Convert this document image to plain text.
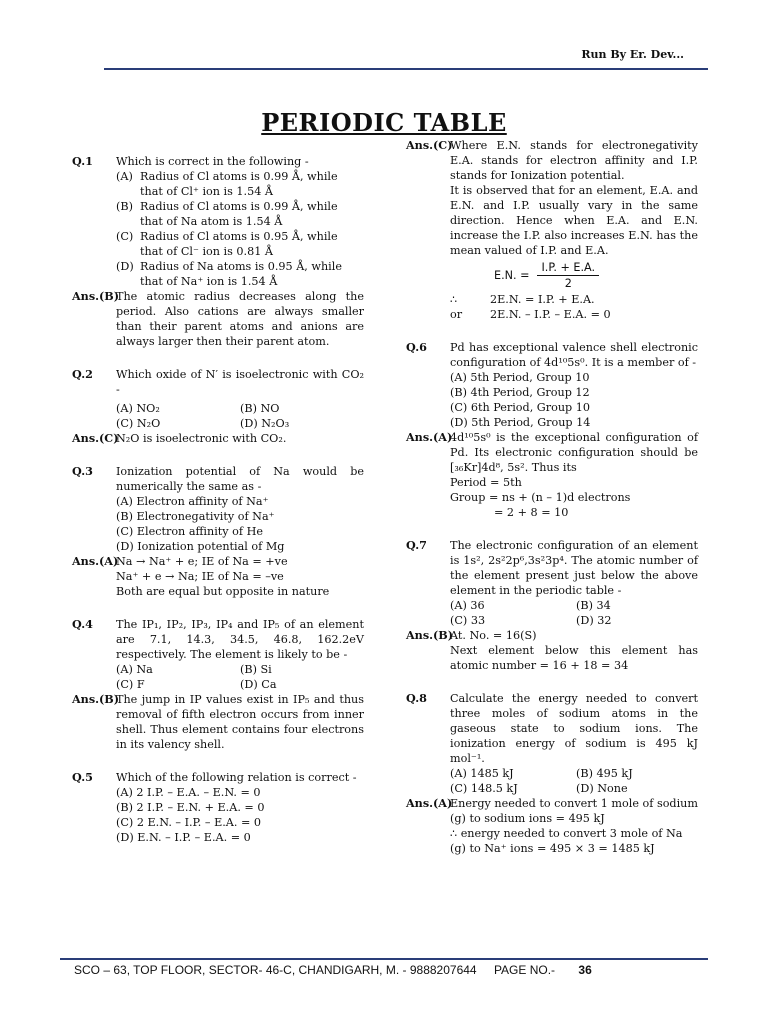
Run By Er. Dev...
PERIODIC TABLE
Q.1 Which is correct in the following -
(A) Radius of Cl atoms is 0.99 Å, while that of Cl⁺ ion is 1.54 Å
(B) Radius of Cl atoms is 0.99 Å, while that of Na atom is 1.54 Å
(C) Radius of Cl atoms is 0.95 Å, while that of Cl⁻ ion is 0.81 Å
(D) Radius of Na atoms is 0.95 Å, while that of Na⁺ ion is 1.54 Å
Ans.(B)
The atomic radius decreases along the period. Also cations are always smaller than their parent atoms and anions are always larger then their parent atom.
Q.2 Which oxide of N′ is isoelectronic with CO₂ -
(A) NO₂	(B) NO
(C) N₂O	(D) N₂O₃
Ans.(C)
N₂O is isoelectronic with CO₂.
Q.3 Ionization potential of Na would be numerically the same as -
(A) Electron affinity of Na⁺
(B) Electronegativity of Na⁺
(C) Electron affinity of He
(D) Ionization potential of Mg
Ans.(A)
Na → Na⁺ + e; IE of Na = +ve
Na⁺ + e → Na; IE of Na = –ve
Both are equal but opposite in nature
Q.4 The IP₁, IP₂, IP₃, IP₄ and IP₅ of an element are 7.1, 14.3, 34.5, 46.8, 162.2eV respectively. The element is likely to be -
(A) Na	(B) Si
(C) F	(D) Ca
Ans.(B)
The jump in IP values exist in IP₅ and thus removal of fifth electron occurs from inner shell. Thus element contains four electrons in its valency shell.
Q.5 Which of the following relation is correct -
(A) 2 I.P. – E.A. – E.N. = 0
(B) 2 I.P. – E.N. + E.A. = 0
(C) 2 E.N. – I.P. – E.A. = 0
(D) E.N. – I.P. – E.A. = 0
Ans.(C)
Where E.N. stands for electronegativity E.A. stands for electron affinity and I.P. stands for Ionization potential.
It is observed that for an element, E.A. and E.N. and I.P. usually vary in the same direction. Hence when E.A. and E.N. increase the I.P. also increases E.N. has the mean valued of I.P. and E.A.
E.N. = $\frac{I.P. + E.A.}{2}$
∴	2E.N. = I.P. + E.A.
or	2E.N. – I.P. – E.A. = 0
Q.6 Pd has exceptional valence shell electronic configuration of 4d¹⁰5s⁰. It is a member of -
(A) 5th Period, Group 10
(B) 4th Period, Group 12
(C) 6th Period, Group 10
(D) 5th Period, Group 14
Ans.(A)
4d¹⁰5s⁰ is the exceptional configuration of Pd. Its electronic configuration should be [₃₆Kr]4d⁸, 5s². Thus its
Period = 5th
Group = ns + (n – 1)d electrons
= 2 + 8 = 10
Q.7 The electronic configuration of an element is 1s², 2s²2p⁶,3s²3p⁴. The atomic number of the element present just below the above element in the periodic table -
(A) 36	(B) 34
(C) 33	(D) 32
Ans.(B)
At. No. = 16(S)
Next element below this element has atomic number = 16 + 18 = 34
Q.8 Calculate the energy needed to convert three moles of sodium atoms in the gaseous state to sodium ions. The ionization energy of sodium is 495 kJ mol⁻¹.
(A) 1485 kJ	(B) 495 kJ
(C) 148.5 kJ	(D) None
Ans.(A)
Energy needed to convert 1 mole of sodium (g) to sodium ions = 495 kJ
∴ energy needed to convert 3 mole of Na (g) to Na⁺ ions = 495 × 3 = 1485 kJ
SCO – 63, TOP FLOOR, SECTOR- 46-C, CHANDIGARH, M. - 9888207644 PAGE NO.- 36
